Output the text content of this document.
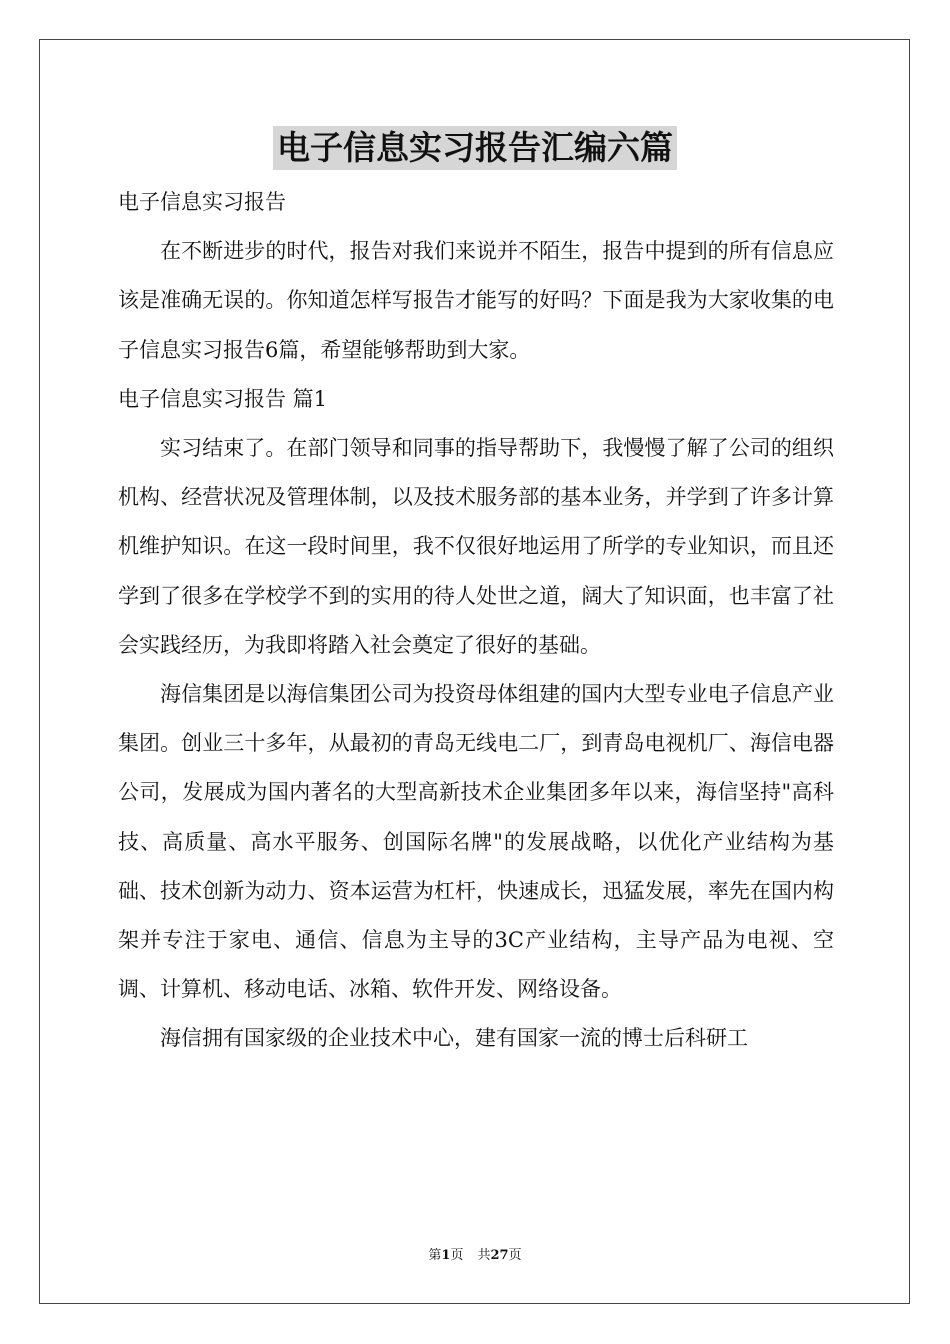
电子信息实习报告汇编六篇

电子信息实习报告

在不断进步的时代，报告对我们来说并不陌生，报告中提到的所有信息应该是准确无误的。你知道怎样写报告才能写的好吗？下面是我为大家收集的电子信息实习报告6篇，希望能够帮助到大家。

电子信息实习报告 篇1

实习结束了。在部门领导和同事的指导帮助下，我慢慢了解了公司的组织机构、经营状况及管理体制，以及技术服务部的基本业务，并学到了许多计算机维护知识。在这一段时间里，我不仅很好地运用了所学的专业知识，而且还学到了很多在学校学不到的实用的待人处世之道，阔大了知识面，也丰富了社会实践经历，为我即将踏入社会奠定了很好的基础。

海信集团是以海信集团公司为投资母体组建的国内大型专业电子信息产业集团。创业三十多年，从最初的青岛无线电二厂，到青岛电视机厂、海信电器公司，发展成为国内著名的大型高新技术企业集团多年以来，海信坚持"高科技、高质量、高水平服务、创国际名牌"的发展战略，以优化产业结构为基础、技术创新为动力、资本运营为杠杆，快速成长，迅猛发展，率先在国内构架并专注于家电、通信、信息为主导的3C产业结构，主导产品为电视、空调、计算机、移动电话、冰箱、软件开发、网络设备。

海信拥有国家级的企业技术中心，建有国家一流的博士后科研工

第1页 共27页
